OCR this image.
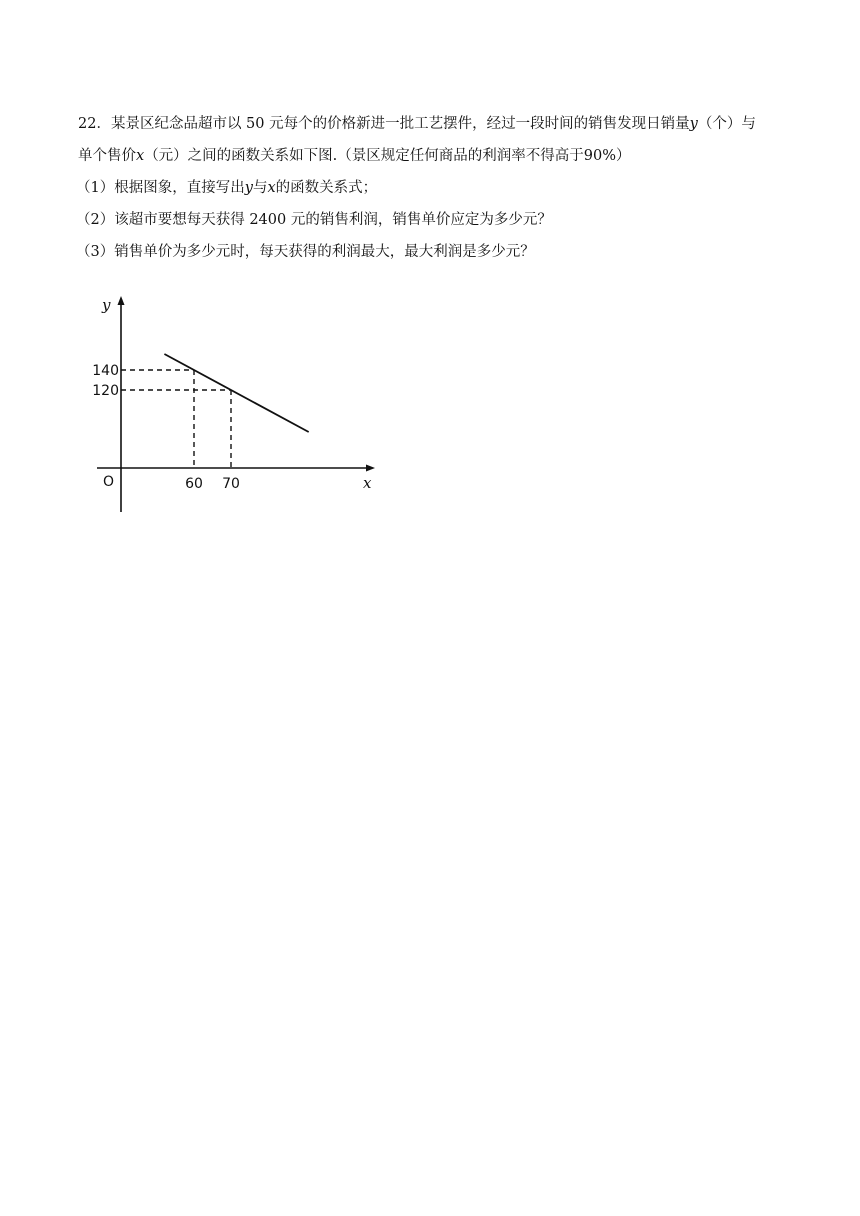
22．某景区纪念品超市以 50 元每个的价格新进一批工艺摆件，经过一段时间的销售发现日销量y（个）与
单个售价x（元）之间的函数关系如下图.（景区规定任何商品的利润率不得高于90%）
（1）根据图象，直接写出y与x的函数关系式；
（2）该超市要想每天获得 2400 元的销售利润，销售单价应定为多少元？
（3）销售单价为多少元时，每天获得的利润最大，最大利润是多少元？
60
140
70
120
O	x
y
